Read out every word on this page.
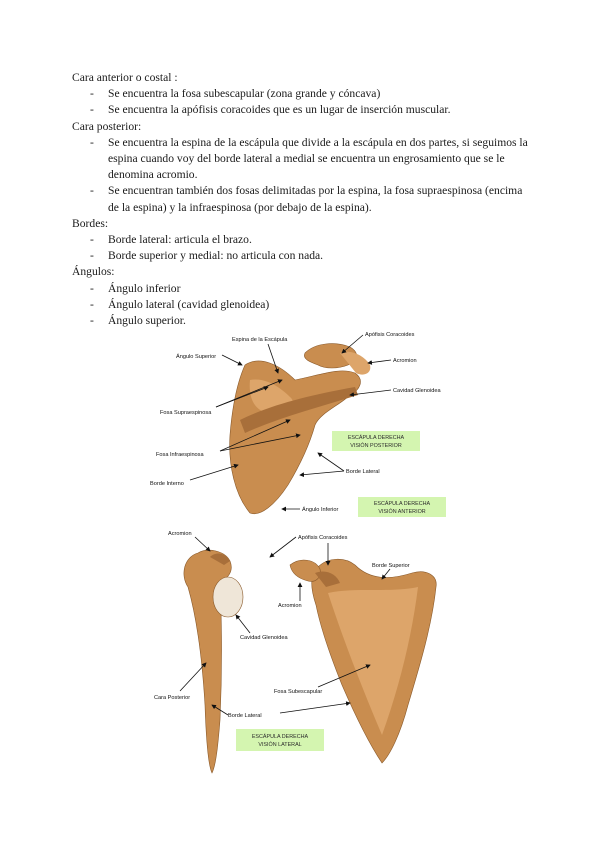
Cara anterior o costal :
- Se encuentra la fosa subescapular (zona grande y cóncava)
- Se encuentra la apófisis coracoides que es un lugar de inserción muscular.
Cara posterior:
- Se encuentra la espina de la escápula que divide a la escápula en dos partes, si seguimos la espina cuando voy del borde lateral a medial se encuentra un engrosamiento que se le denomina acromio.
- Se encuentran también dos fosas delimitadas por la espina, la fosa supraespinosa (encima de la espina) y la infraespinosa (por debajo de la espina).
Bordes:
- Borde lateral: articula el brazo.
- Borde superior y medial: no articula con nada.
Ángulos:
- Ángulo inferior
- Ángulo lateral (cavidad glenoidea)
- Ángulo superior.
Espina de la Escápula
Apófisis Coracoides
Ángulo Superior
Acromion
Cavidad Glenoidea
Fosa Supraespinosa
Fosa Infraespinosa
Borde Interno
Borde Lateral
Ángulo Inferior
ESCÁPULA DERECHA
VISIÓN POSTERIOR
ESCÁPULA DERECHA
VISIÓN ANTERIOR
Acromion
Apófisis Coracoides
Borde Superior
Acromion
Cavidad Glenoidea
Cara Posterior
Fosa Subescapular
Borde Lateral
ESCÁPULA DERECHA
VISIÓN LATERAL
